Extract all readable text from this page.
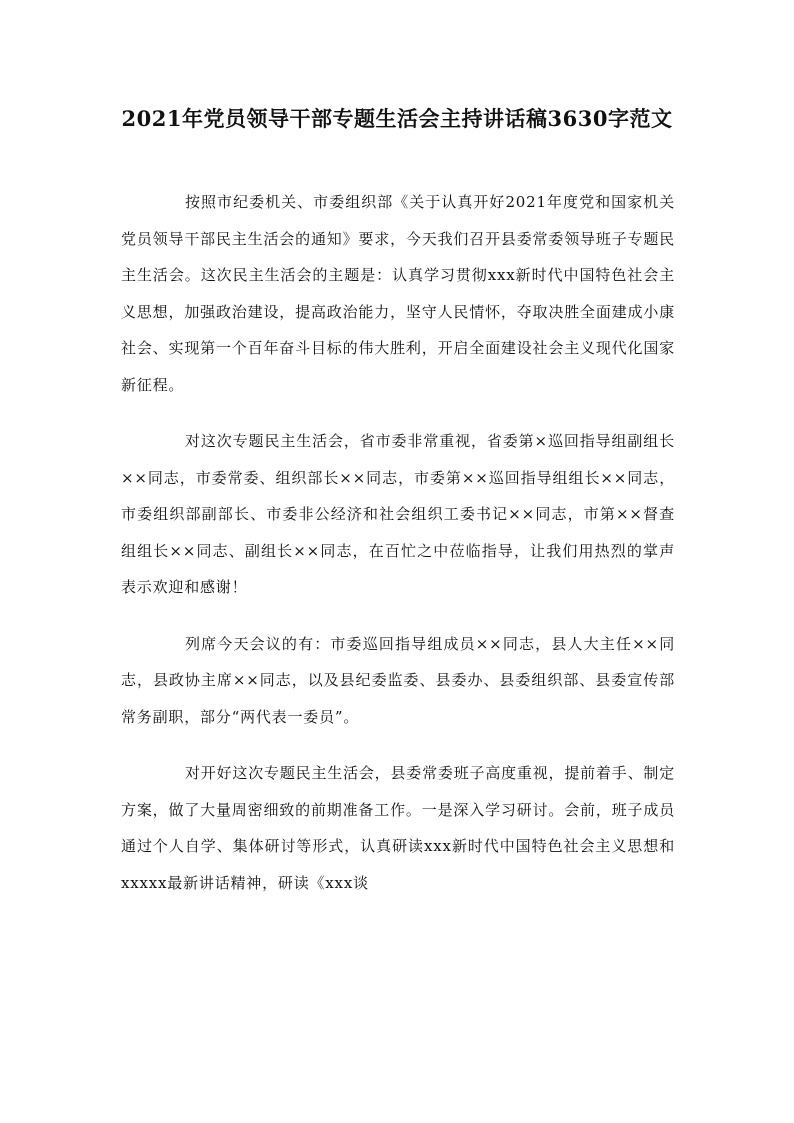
2021年党员领导干部专题生活会主持讲话稿3630字范文

按照市纪委机关、市委组织部《关于认真开好2021年度党和国家机关党员领导干部民主生活会的通知》要求，今天我们召开县委常委领导班子专题民主生活会。这次民主生活会的主题是：认真学习贯彻xxx新时代中国特色社会主义思想，加强政治建设，提高政治能力，坚守人民情怀，夺取决胜全面建成小康社会、实现第一个百年奋斗目标的伟大胜利，开启全面建设社会主义现代化国家新征程。

对这次专题民主生活会，省市委非常重视，省委第×巡回指导组副组长××同志，市委常委、组织部长××同志，市委第××巡回指导组组长××同志，市委组织部副部长、市委非公经济和社会组织工委书记××同志，市第××督查组组长××同志、副组长××同志，在百忙之中莅临指导，让我们用热烈的掌声表示欢迎和感谢！

列席今天会议的有：市委巡回指导组成员××同志，县人大主任××同志，县政协主席××同志，以及县纪委监委、县委办、县委组织部、县委宣传部常务副职，部分“两代表一委员”。

对开好这次专题民主生活会，县委常委班子高度重视，提前着手、制定方案，做了大量周密细致的前期准备工作。一是深入学习研讨。会前，班子成员通过个人自学、集体研讨等形式，认真研读xxx新时代中国特色社会主义思想和xxxxx最新讲话精神，研读《xxx谈
